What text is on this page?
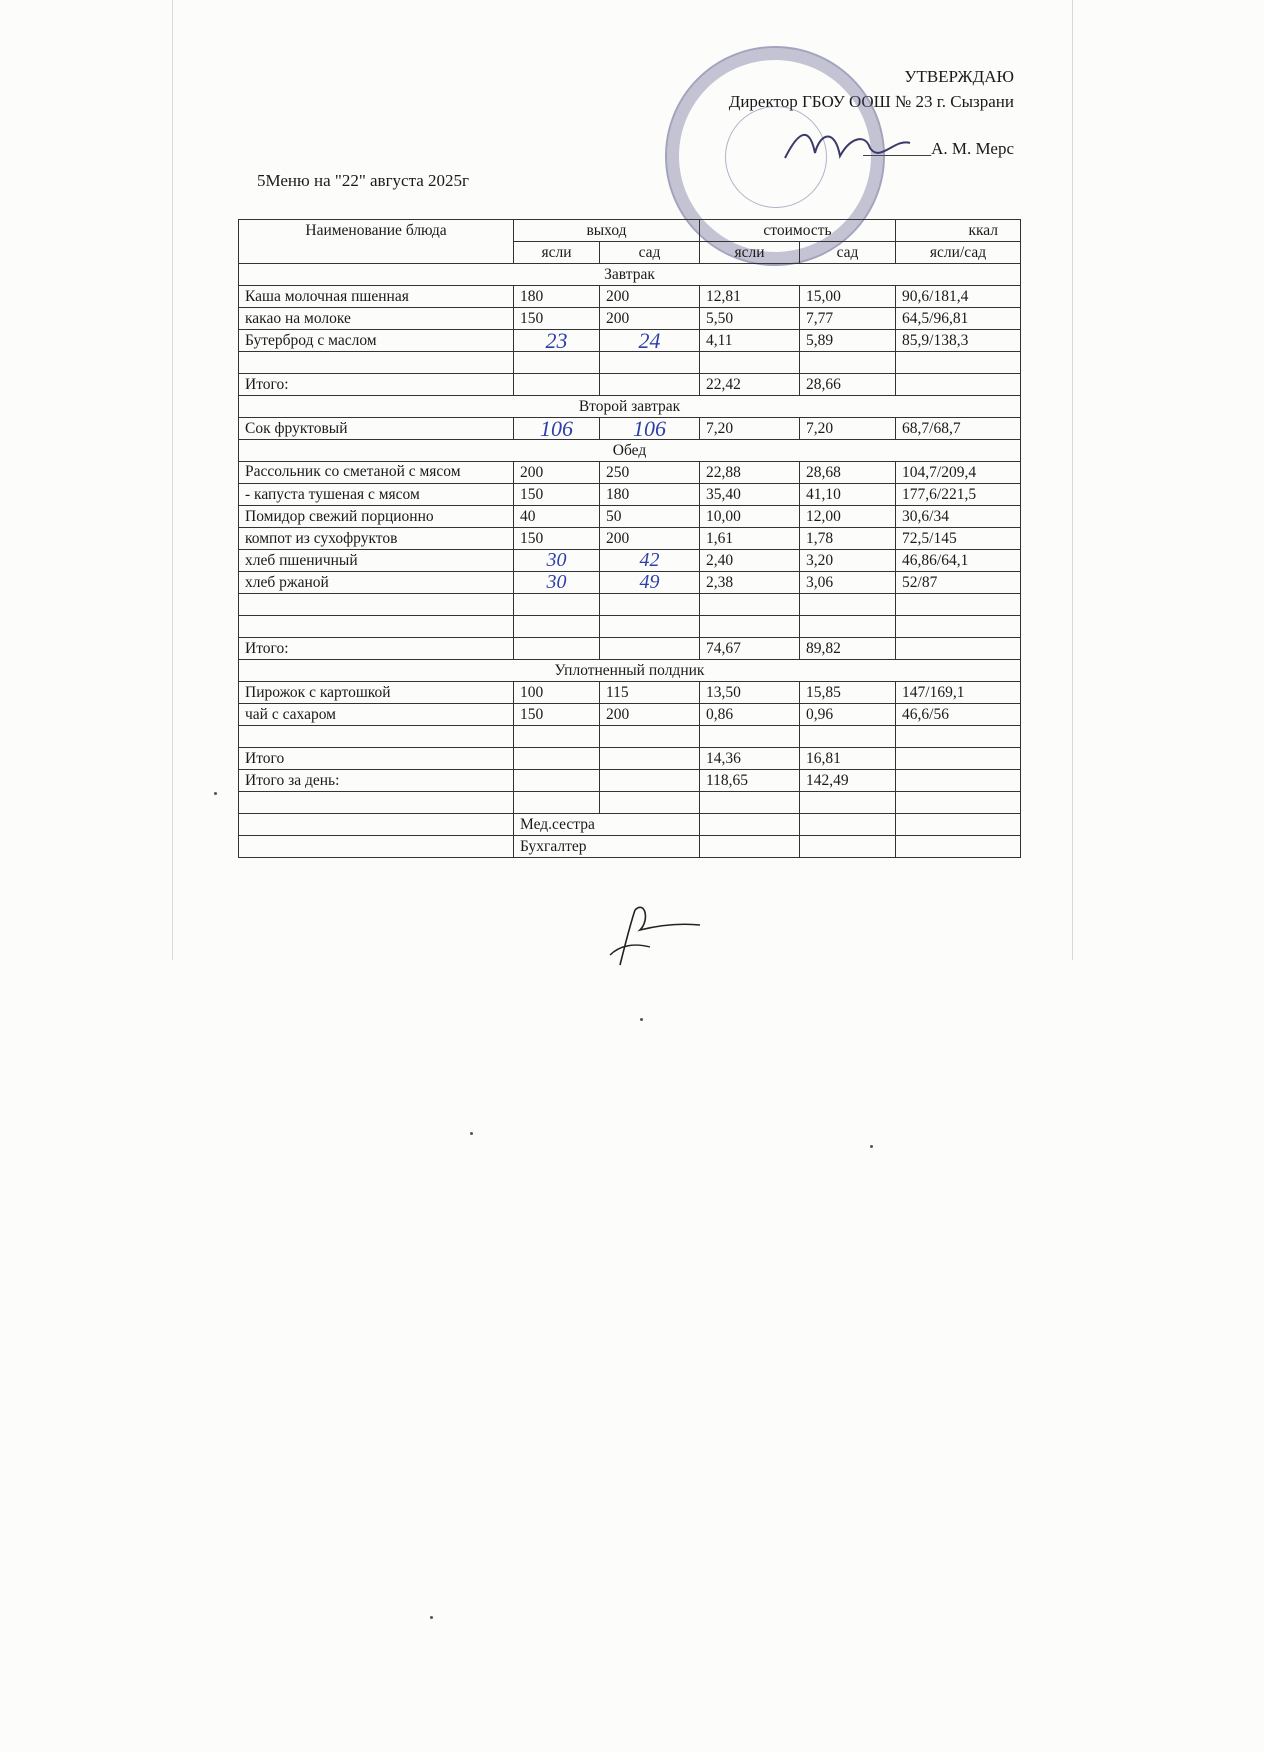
УТВЕРЖДАЮ
Директор ГБОУ ООШ № 23 г. Сызрани
________А. М. Мерс
5Меню на "22" августа 2025г
Наименование блюда	выход		стоимость		ккал
	ясли	сад	ясли	сад	ясли/сад
Завтрак					
Каша молочная пшенная	180	200	12,81	15,00	90,6/181,4
какао на молоке	150	200	5,50	7,77	64,5/96,81
Бутерброд с маслом	23	24	4,11	5,89	85,9/138,3

Итого:			22,42	28,66	
Второй завтрак					
Сок фруктовый	106	106	7,20	7,20	68,7/68,7
Обед					
Рассольник со сметаной с мясом	200	250	22,88	28,68	104,7/209,4
- капуста тушеная с мясом	150	180	35,40	41,10	177,6/221,5
Помидор свежий порционно	40	50	10,00	12,00	30,6/34
компот из сухофруктов	150	200	1,61	1,78	72,5/145
хлеб пшеничный	30	42	2,40	3,20	46,86/64,1
хлеб ржаной	30	49	2,38	3,06	52/87

Итого:			74,67	89,82	
Уплотненный полдник					
Пирожок с картошкой	100	115	13,50	15,85	147/169,1
чай с сахаром	150	200	0,86	0,96	46,6/56

Итого			14,36	16,81	
Итого за день:			118,65	142,49	

	Мед.сестра				
	Бухгалтер				
